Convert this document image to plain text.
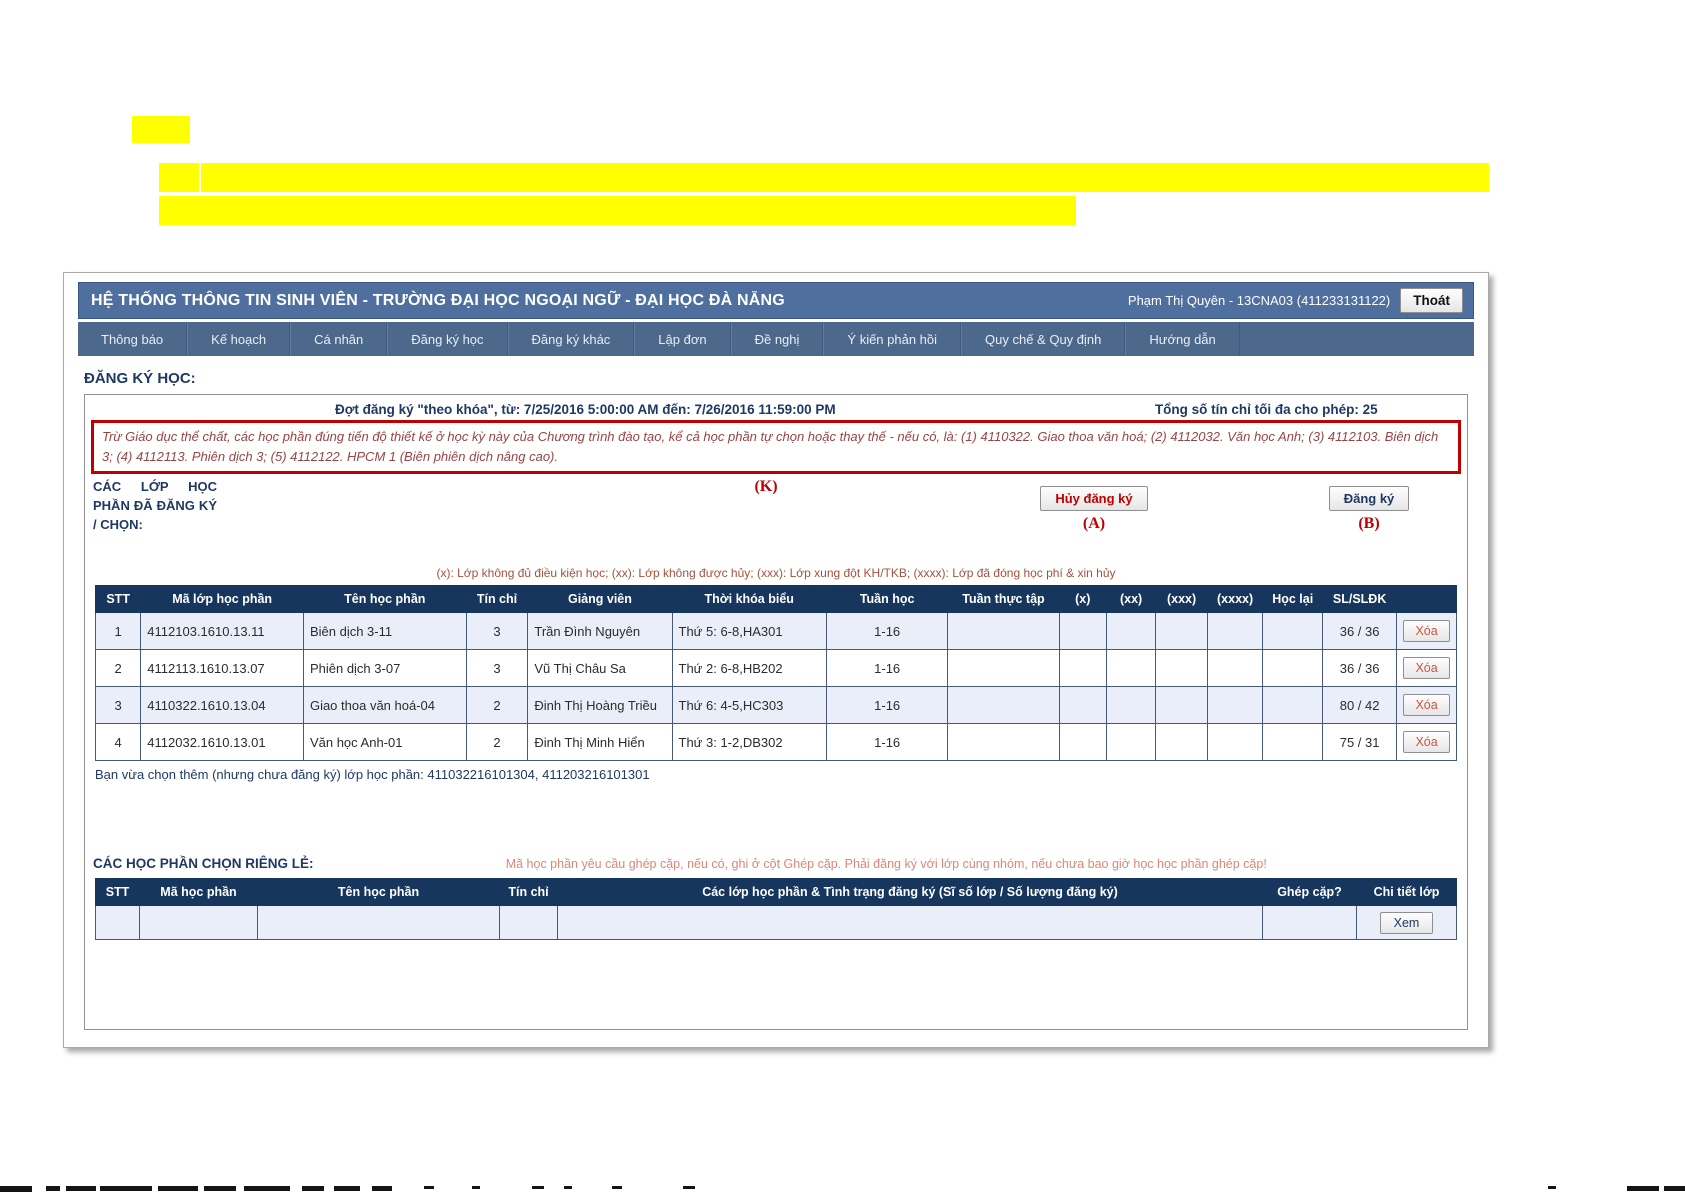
HỆ THỐNG THÔNG TIN SINH VIÊN - TRƯỜNG ĐẠI HỌC NGOẠI NGỮ - ĐẠI HỌC ĐÀ NẴNG	Phạm Thị Quyên - 13CNA03 (411233131122)	Thoát
Thông báo	Kế hoạch	Cá nhân	Đăng ký học	Đăng ký khác	Lập đơn	Đề nghị	Ý kiến phản hồi	Quy chế & Quy định	Hướng dẫn
ĐĂNG KÝ HỌC:
Đợt đăng ký "theo khóa", từ: 7/25/2016 5:00:00 AM đến: 7/26/2016 11:59:00 PM	Tổng số tín chỉ tối đa cho phép: 25
Trừ Giáo dục thể chất, các học phần đúng tiến độ thiết kế ở học kỳ này của Chương trình đào tạo, kể cả học phần tự chọn hoặc thay thế - nếu có, là: (1) 4110322. Giao thoa văn hoá; (2) 4112032. Văn học Anh; (3) 4112103. Biên dịch 3; (4) 4112113. Phiên dịch 3; (5) 4112122. HPCM 1 (Biên phiên dịch nâng cao).
CÁC LỚP HỌC PHẦN ĐÃ ĐĂNG KÝ / CHỌN:
(K)
Hủy đăng ký
(A)
Đăng ký
(B)
(x): Lớp không đủ điều kiện học; (xx): Lớp không được hủy; (xxx): Lớp xung đột KH/TKB; (xxxx): Lớp đã đóng học phí & xin hủy
STT	Mã lớp học phần	Tên học phần	Tín chỉ	Giảng viên	Thời khóa biểu	Tuần học	Tuần thực tập	(x)	(xx)	(xxx)	(xxxx)	Học lại	SL/SLĐK	
1	4112103.1610.13.11	Biên dịch 3-11	3	Trần Đình Nguyên	Thứ 5: 6-8,HA301	1-16							36 / 36	Xóa
2	4112113.1610.13.07	Phiên dịch 3-07	3	Vũ Thị Châu Sa	Thứ 2: 6-8,HB202	1-16							36 / 36	Xóa
3	4110322.1610.13.04	Giao thoa văn hoá-04	2	Đinh Thị Hoàng Triều	Thứ 6: 4-5,HC303	1-16							80 / 42	Xóa
4	4112032.1610.13.01	Văn học Anh-01	2	Đinh Thị Minh Hiển	Thứ 3: 1-2,DB302	1-16							75 / 31	Xóa
Bạn vừa chọn thêm (nhưng chưa đăng ký) lớp học phần: 411032216101304, 411203216101301
CÁC HỌC PHẦN CHỌN RIÊNG LẺ:	Mã học phần yêu cầu ghép cặp, nếu có, ghi ở cột Ghép cặp. Phải đăng ký với lớp cùng nhóm, nếu chưa bao giờ học học phần ghép cặp!
STT	Mã học phần	Tên học phần	Tín chỉ	Các lớp học phần & Tình trạng đăng ký (Sĩ số lớp / Số lượng đăng ký)	Ghép cặp?	Chi tiết lớp
						Xem
